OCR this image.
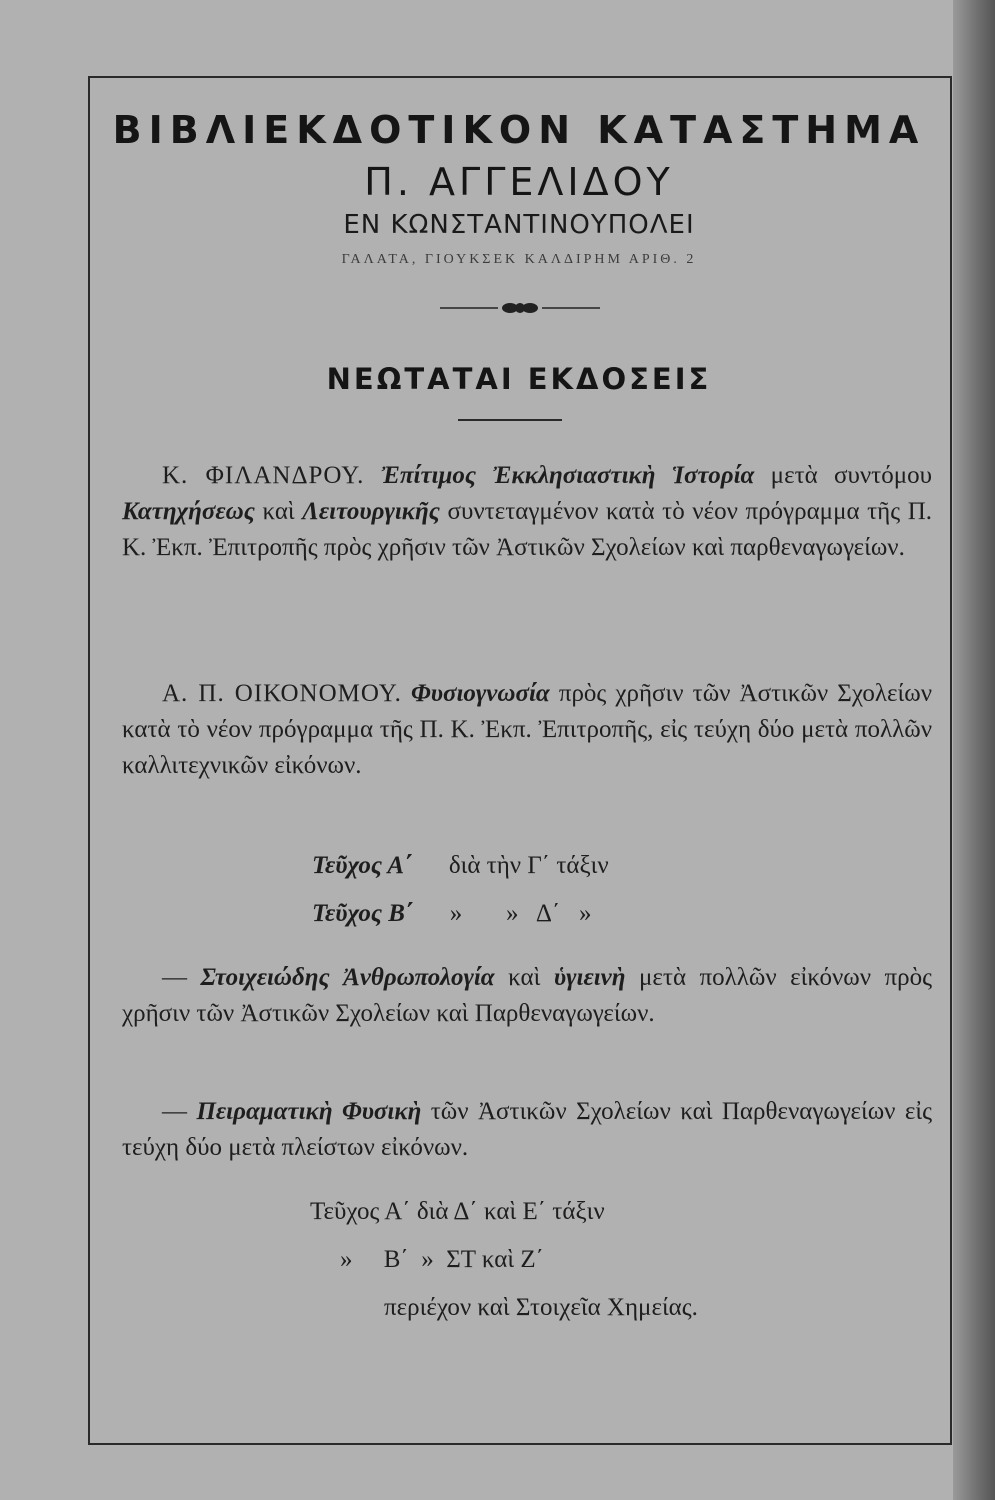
ΒΙΒΛΙΕΚΔΟΤΙΚΟΝ ΚΑΤΑΣΤΗΜΑ
Π. ΑΓΓΕΛΙΔΟΥ
ΕΝ ΚΩΝΣΤΑΝΤΙΝΟΥΠΟΛΕΙ
ΓΑΛΑΤΑ, ΓΙΟΥΚΣΕΚ ΚΑΛΔΙΡΗΜ ΑΡΙΘ. 2
ΝΕΩΤΑΤΑΙ ΕΚΔΟΣΕΙΣ

Κ. ΦΙΛΑΝΔΡΟΥ. Ἐπίτιμος Ἐκκλησιαστικὴ Ἱστορία μετὰ συντόμου Κατηχήσεως καὶ Λειτουργικῆς συντεταγμένον κατὰ τὸ νέον πρόγραμμα τῆς Π. Κ. Ἐκπ. Ἐπιτροπῆς πρὸς χρῆσιν τῶν Ἀστικῶν Σχολείων καὶ παρθεναγωγείων.

Α. Π. ΟΙΚΟΝΟΜΟΥ. Φυσιογνωσία πρὸς χρῆσιν τῶν Ἀστικῶν Σχολείων κατὰ τὸ νέον πρόγραμμα τῆς Π. Κ. Ἐκπ. Ἐπιτροπῆς, εἰς τεύχη δύο μετὰ πολλῶν καλλιτεχνικῶν εἰκόνων.

Τεῦχος Α΄ διὰ τὴν Γ΄ τάξιν
Τεῦχος Β΄ »       »   Δ΄   »

— Στοιχειώδης Ἀνθρωπολογία καὶ ὑγιεινὴ μετὰ πολλῶν εἰκόνων πρὸς χρῆσιν τῶν Ἀστικῶν Σχολείων καὶ Παρθεναγωγείων.

— Πειραματικὴ Φυσικὴ τῶν Ἀστικῶν Σχολείων καὶ Παρθεναγωγείων εἰς τεύχη δύο μετὰ πλείστων εἰκόνων.

Τεῦχος Α΄ διὰ Δ΄ καὶ Ε΄ τάξιν
»     Β΄  »  ΣΤ καὶ Ζ΄
περιέχον καὶ Στοιχεῖα Χημείας.
